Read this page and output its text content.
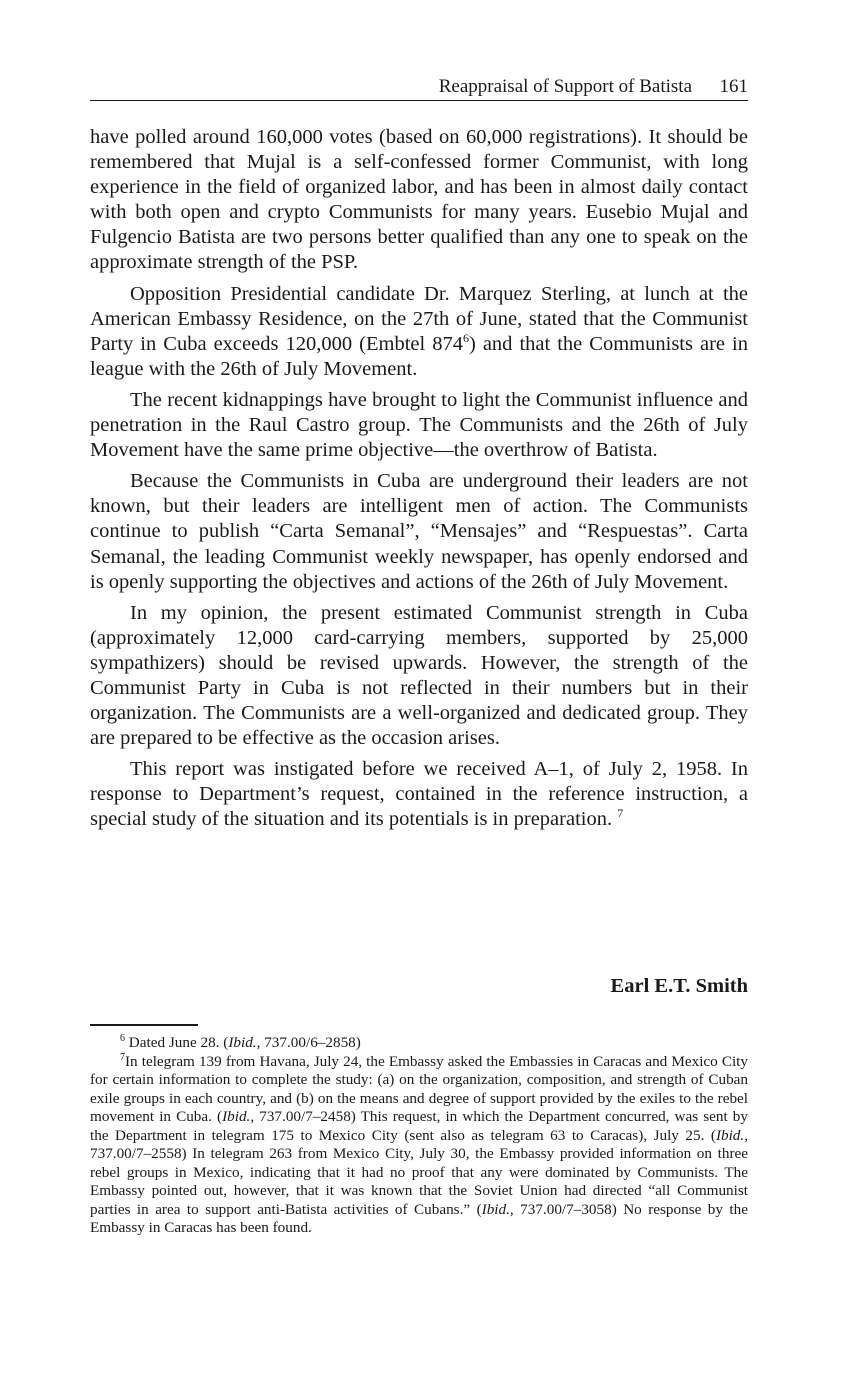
Reappraisal of Support of Batista 161

have polled around 160,000 votes (based on 60,000 registrations). It should be remembered that Mujal is a self-confessed former Communist, with long experience in the field of organized labor, and has been in almost daily contact with both open and crypto Communists for many years. Eusebio Mujal and Fulgencio Batista are two persons better qualified than any one to speak on the approximate strength of the PSP.

Opposition Presidential candidate Dr. Marquez Sterling, at lunch at the American Embassy Residence, on the 27th of June, stated that the Communist Party in Cuba exceeds 120,000 (Embtel $874^6$) and that the Communists are in league with the 26th of July Movement.

The recent kidnappings have brought to light the Communist influence and penetration in the Raul Castro group. The Communists and the 26th of July Movement have the same prime objective—the overthrow of Batista.

Because the Communists in Cuba are underground their leaders are not known, but their leaders are intelligent men of action. The Communists continue to publish “Carta Semanal”, “Mensajes” and “Respuestas”. Carta Semanal, the leading Communist weekly newspaper, has openly endorsed and is openly supporting the objectives and actions of the 26th of July Movement.

In my opinion, the present estimated Communist strength in Cuba (approximately 12,000 card-carrying members, supported by 25,000 sympathizers) should be revised upwards. However, the strength of the Communist Party in Cuba is not reflected in their numbers but in their organization. The Communists are a well-organized and dedicated group. They are prepared to be effective as the occasion arises.

This report was instigated before we received A–1, of July 2, 1958. In response to Department’s request, contained in the reference instruction, a special study of the situation and its potentials is in preparation. $^7$

Earl E.T. Smith

$^6$ Dated June 28. (Ibid., 737.00/6–2858)

$^7$In telegram 139 from Havana, July 24, the Embassy asked the Embassies in Caracas and Mexico City for certain information to complete the study: (a) on the organization, composition, and strength of Cuban exile groups in each country, and (b) on the means and degree of support provided by the exiles to the rebel movement in Cuba. (Ibid., 737.00/7–2458) This request, in which the Department concurred, was sent by the Department in telegram 175 to Mexico City (sent also as telegram 63 to Caracas), July 25. (Ibid., 737.00/7–2558) In telegram 263 from Mexico City, July 30, the Embassy provided information on three rebel groups in Mexico, indicating that it had no proof that any were dominated by Communists. The Embassy pointed out, however, that it was known that the Soviet Union had directed “all Communist parties in area to support anti-Batista activities of Cubans.” (Ibid., 737.00/7–3058) No response by the Embassy in Caracas has been found.
